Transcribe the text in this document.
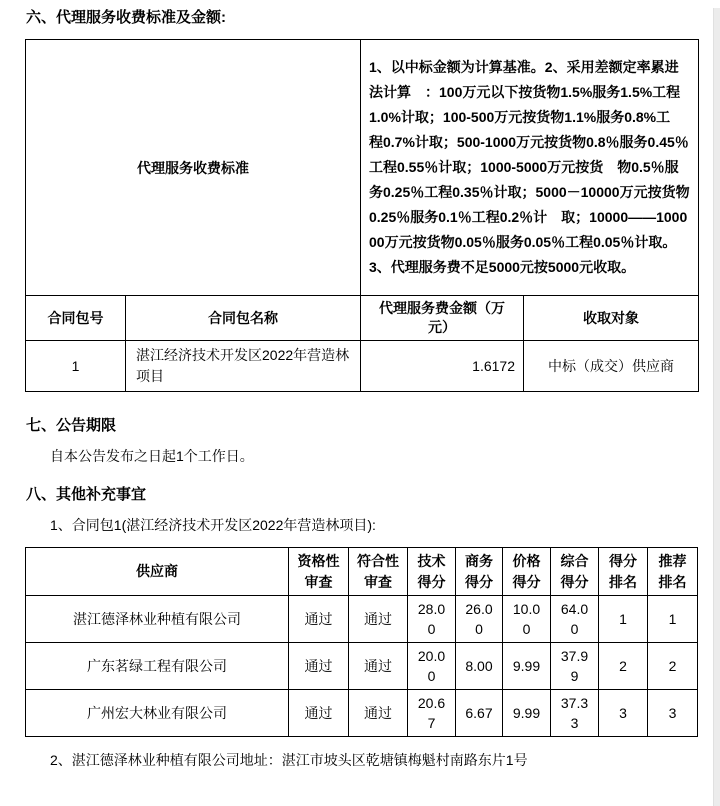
六、代理服务收费标准及金额:
代理服务收费标准	1、以中标金额为计算基准。2、采用差额定率累进法计算　：100万元以下按货物1.5%服务1.5%工程1.0%计取；100-500万元按货物1.1%服务0.8%工　程0.7%计取；500-1000万元按货物0.8％服务0.45％工程0.55％计取；1000-5000万元按货　物0.5％服务0.25％工程0.35％计取；5000－10000万元按货物0.25％服务0.1％工程0.2％计　取；10000――100000万元按货物0.05％服务0.05％工程0.05％计取。3、代理服务费不足5000元按5000元收取。
合同包号	合同包名称	代理服务费金额（万元）	收取对象
1	湛江经济技术开发区2022年营造林项目	1.6172	中标（成交）供应商
七、公告期限
自本公告发布之日起1个工作日。
八、其他补充事宜
1、合同包1(湛江经济技术开发区2022年营造林项目):
供应商	资格性审查	符合性审查	技术得分	商务得分	价格得分	综合得分	得分排名	推荐排名
湛江德泽林业种植有限公司	通过	通过	28.00	26.00	10.00	64.00	1	1
广东茗绿工程有限公司	通过	通过	20.00	8.00	9.99	37.99	2	2
广州宏大林业有限公司	通过	通过	20.67	6.67	9.99	37.33	3	3
2、湛江德泽林业种植有限公司地址：湛江市坡头区乾塘镇梅魁村南路东片1号
